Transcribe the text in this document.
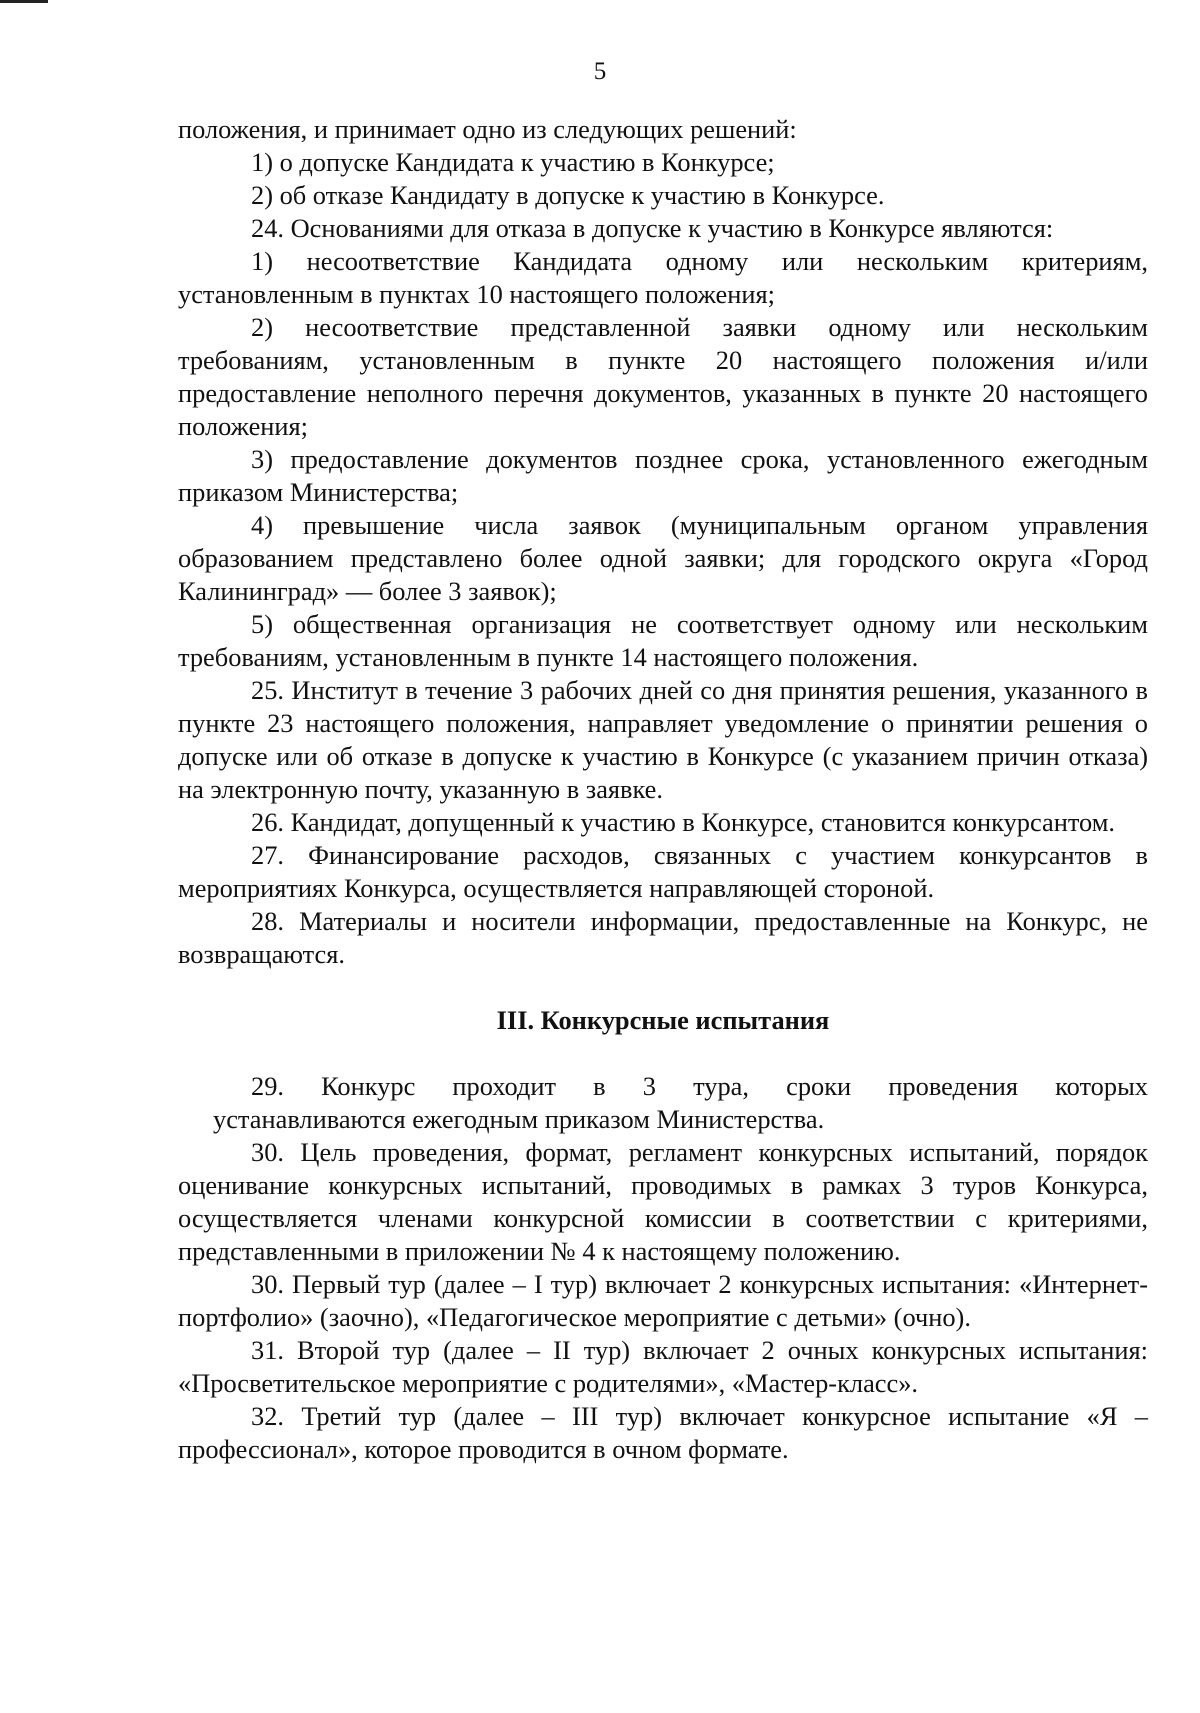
5

положения, и принимает одно из следующих решений:

1) о допуске Кандидата к участию в Конкурсе;

2) об отказе Кандидату в допуске к участию в Конкурсе.

24. Основаниями для отказа в допуске к участию в Конкурсе являются:

1) несоответствие Кандидата одному или нескольким критериям, установленным в пунктах 10 настоящего положения;

2) несоответствие представленной заявки одному или нескольким требованиям, установленным в пункте 20 настоящего положения и/или предоставление неполного перечня документов, указанных в пункте 20 настоящего положения;

3) предоставление документов позднее срока, установленного ежегодным приказом Министерства;

4) превышение числа заявок (муниципальным органом управления образованием представлено более одной заявки; для городского округа «Город Калининград» — более 3 заявок);

5) общественная организация не соответствует одному или нескольким требованиям, установленным в пункте 14 настоящего положения.

25. Институт в течение 3 рабочих дней со дня принятия решения, указанного в пункте 23 настоящего положения, направляет уведомление о принятии решения о допуске или об отказе в допуске к участию в Конкурсе (с указанием причин отказа) на электронную почту, указанную в заявке.

26. Кандидат, допущенный к участию в Конкурсе, становится конкурсантом.

27. Финансирование расходов, связанных с участием конкурсантов в мероприятиях Конкурса, осуществляется направляющей стороной.

28. Материалы и носители информации, предоставленные на Конкурс, не возвращаются.

III. Конкурсные испытания

29. Конкурс проходит в 3 тура, сроки проведения которых

устанавливаются ежегодным приказом Министерства.

30. Цель проведения, формат, регламент конкурсных испытаний, порядок оценивание конкурсных испытаний, проводимых в рамках 3 туров Конкурса, осуществляется членами конкурсной комиссии в соответствии с критериями, представленными в приложении № 4 к настоящему положению.

30. Первый тур (далее – I тур) включает 2 конкурсных испытания: «Интернет-портфолио» (заочно), «Педагогическое мероприятие с детьми» (очно).

31. Второй тур (далее – II тур) включает 2 очных конкурсных испытания: «Просветительское мероприятие с родителями», «Мастер-класс».

32. Третий тур (далее – III тур) включает конкурсное испытание «Я – профессионал», которое проводится в очном формате.
